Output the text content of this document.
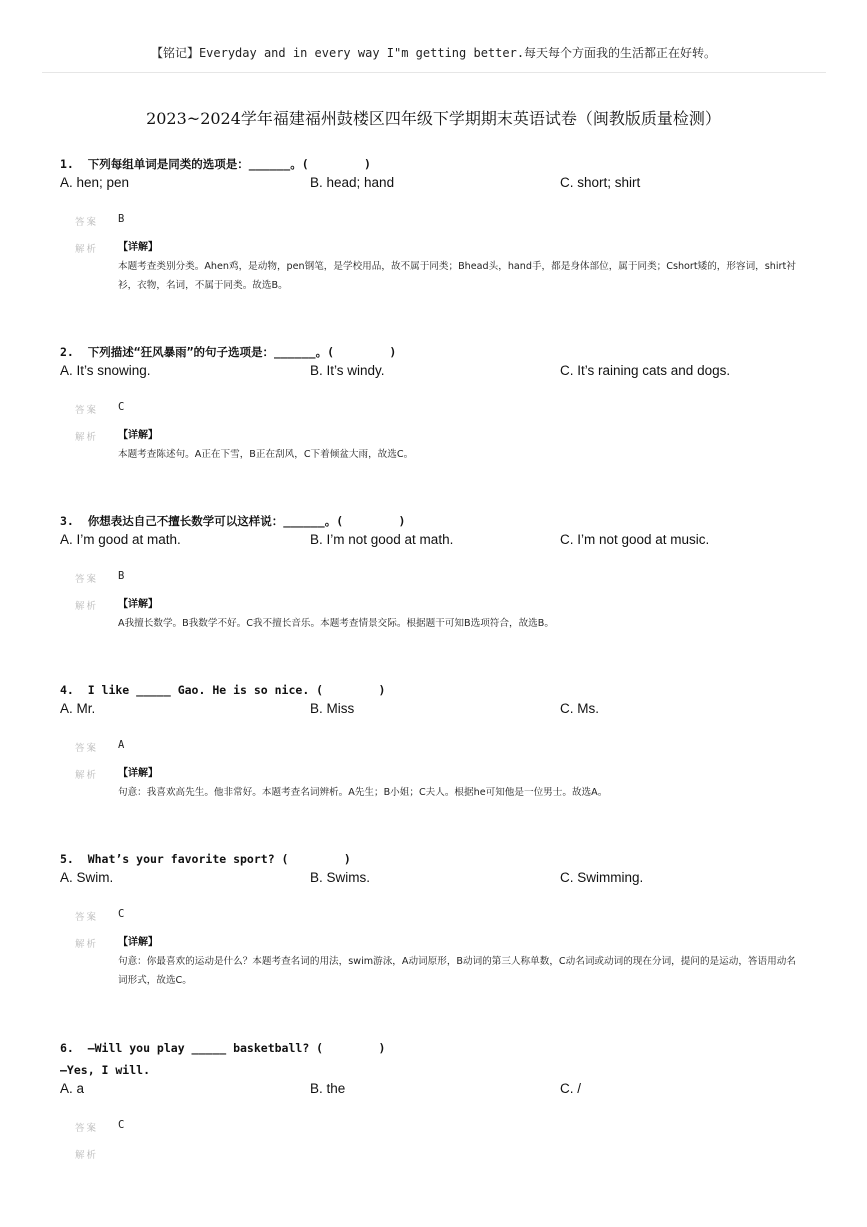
【铭记】Everyday and in every way I"m getting better.每天每个方面我的生活都正在好转。
2023~2024学年福建福州鼓楼区四年级下学期期末英语试卷（闽教版质量检测）
1.  下列每组单词是同类的选项是：______。(        )
A. hen; pen	B. head; hand	C. short; shirt
答案 B
解析 【详解】
本题考查类别分类。Ahen鸡，是动物，pen钢笔，是学校用品，故不属于同类；Bhead头，hand手，都是身体部位，属于同类；Cshort矮的，形容词，shirt衬衫，衣物，名词，不属于同类。故选B。
2.  下列描述“狂风暴雨”的句子选项是：______。(        )
A. It’s snowing.	B. It’s windy.	C. It’s raining cats and dogs.
答案 C
解析 【详解】
本题考查陈述句。A正在下雪，B正在刮风，C下着倾盆大雨，故选C。
3.  你想表达自己不擅长数学可以这样说：______。(        )
A. I’m good at math.	B. I’m not good at math.	C. I’m not good at music.
答案 B
解析 【详解】
A我擅长数学。B我数学不好。C我不擅长音乐。本题考查情景交际。根据题干可知B选项符合，故选B。
4.  I like _____ Gao. He is so nice. (        )
A. Mr.	B. Miss	C. Ms.
答案 A
解析 【详解】
句意：我喜欢高先生。他非常好。本题考查名词辨析。A先生；B小姐；C夫人。根据he可知他是一位男士。故选A。
5.  What’s your favorite sport? (        )
A. Swim.	B. Swims.	C. Swimming.
答案 C
解析 【详解】
句意：你最喜欢的运动是什么？本题考查名词的用法，swim游泳，A动词原形，B动词的第三人称单数，C动名词或动词的现在分词，提问的是运动，答语用动名词形式，故选C。
6.  —Will you play _____ basketball? (        )
—Yes, I will.
A. a	B. the	C. /
答案 C
解析
